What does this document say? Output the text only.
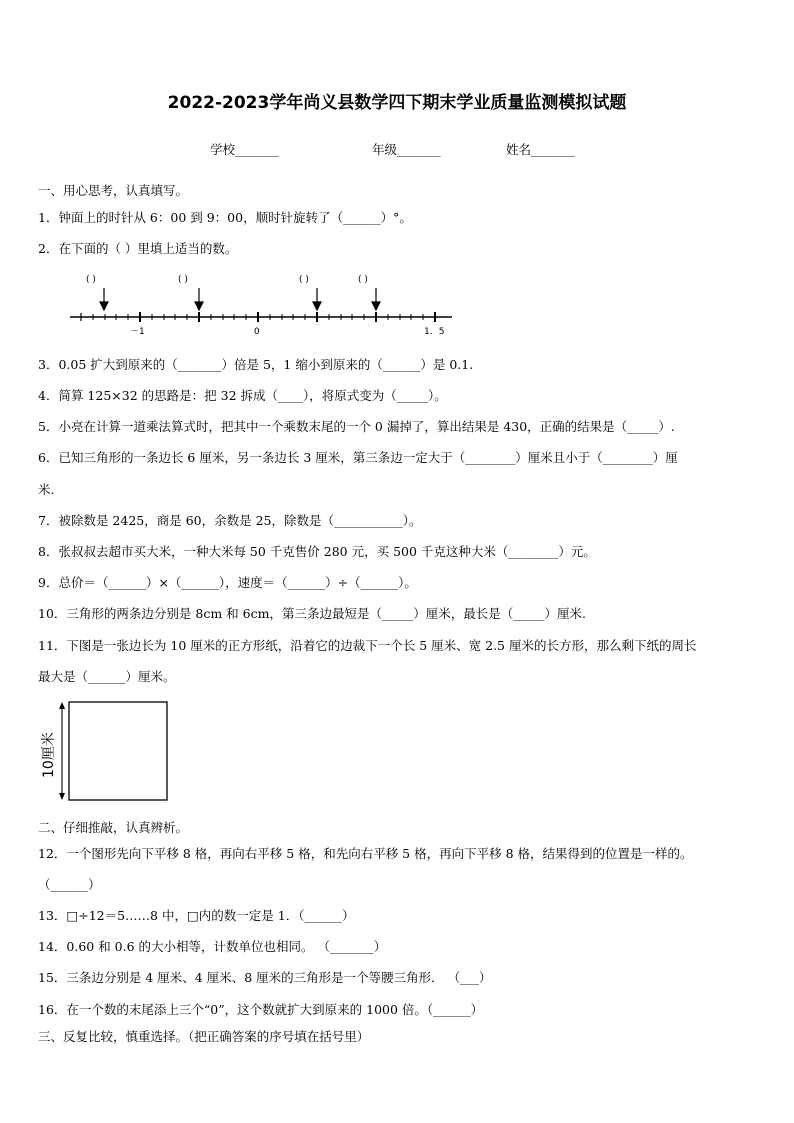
2022-2023学年尚义县数学四下期末学业质量监测模拟试题
学校_______	年级_______	姓名_______
一、用心思考，认真填写。
1．钟面上的时针从 6：00 到 9：00，顺时针旋转了（______）°。
2．在下面的（ ）里填上适当的数。
( )	( )	( )	( )
－1	0	1．5
3．0.05 扩大到原来的（_______）倍是 5，1 缩小到原来的（______）是 0.1.
4．简算 125×32 的思路是：把 32 拆成（____），将原式变为（_____）。
5．小亮在计算一道乘法算式时，把其中一个乘数末尾的一个 0 漏掉了，算出结果是 430，正确的结果是（_____）.
6．已知三角形的一条边长 6 厘米，另一条边长 3 厘米，第三条边一定大于（________）厘米且小于（________）厘
米.
7．被除数是 2425，商是 60，余数是 25，除数是（___________）。
8．张叔叔去超市买大米，一种大米每 50 千克售价 280 元，买 500 千克这种大米（________）元。
9．总价＝（______）×（______），速度＝（______）÷（______）。
10．三角形的两条边分别是 8cm 和 6cm，第三条边最短是（_____）厘米，最长是（_____）厘米.
11．下图是一张边长为 10 厘米的正方形纸，沿着它的边裁下一个长 5 厘米、宽 2.5 厘米的长方形，那么剩下纸的周长
最大是（______）厘米。
10厘米
二、仔细推敲，认真辨析。
12．一个图形先向下平移 8 格，再向右平移 5 格，和先向右平移 5 格，再向下平移 8 格，结果得到的位置是一样的。
（______）
13．□÷12＝5……8 中，□内的数一定是 1．（______）
14．0.60 和 0.6 的大小相等，计数单位也相同。 （_______）
15．三条边分别是 4 厘米、4 厘米、8 厘米的三角形是一个等腰三角形． （___）
16．在一个数的末尾添上三个“0”，这个数就扩大到原来的 1000 倍。（______）
三、反复比较，慎重选择。（把正确答案的序号填在括号里）
